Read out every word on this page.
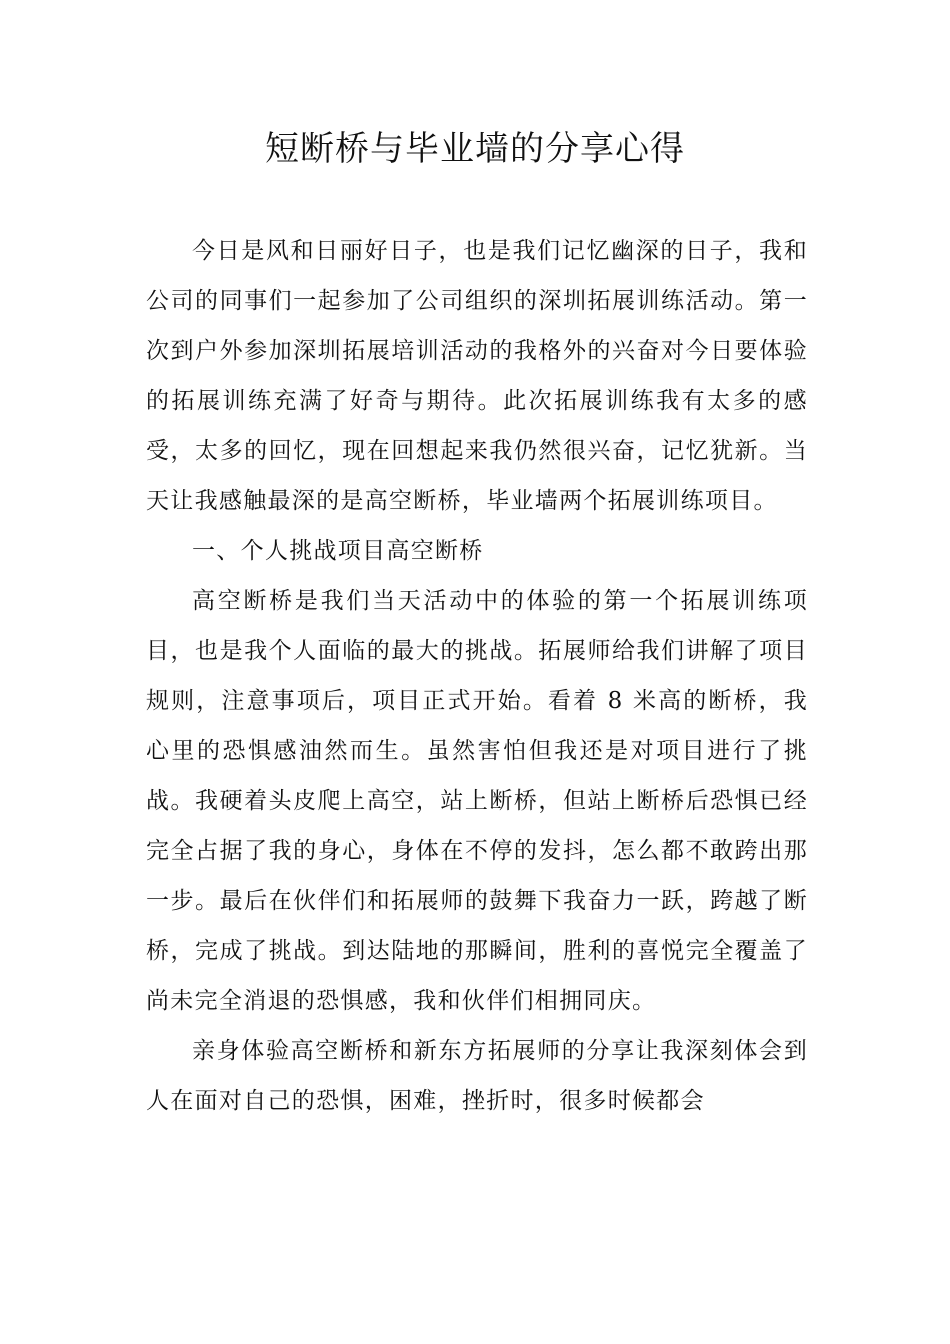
短断桥与毕业墙的分享心得

今日是风和日丽好日子，也是我们记忆幽深的日子，我和公司的同事们一起参加了公司组织的深圳拓展训练活动。第一次到户外参加深圳拓展培训活动的我格外的兴奋对今日要体验的拓展训练充满了好奇与期待。此次拓展训练我有太多的感受，太多的回忆，现在回想起来我仍然很兴奋，记忆犹新。当天让我感触最深的是高空断桥，毕业墙两个拓展训练项目。

一、个人挑战项目高空断桥

高空断桥是我们当天活动中的体验的第一个拓展训练项目，也是我个人面临的最大的挑战。拓展师给我们讲解了项目规则，注意事项后，项目正式开始。看着 8 米高的断桥，我心里的恐惧感油然而生。虽然害怕但我还是对项目进行了挑战。我硬着头皮爬上高空，站上断桥，但站上断桥后恐惧已经完全占据了我的身心，身体在不停的发抖，怎么都不敢跨出那一步。最后在伙伴们和拓展师的鼓舞下我奋力一跃，跨越了断桥，完成了挑战。到达陆地的那瞬间，胜利的喜悦完全覆盖了尚未完全消退的恐惧感，我和伙伴们相拥同庆。

亲身体验高空断桥和新东方拓展师的分享让我深刻体会到人在面对自己的恐惧，困难，挫折时，很多时候都会
